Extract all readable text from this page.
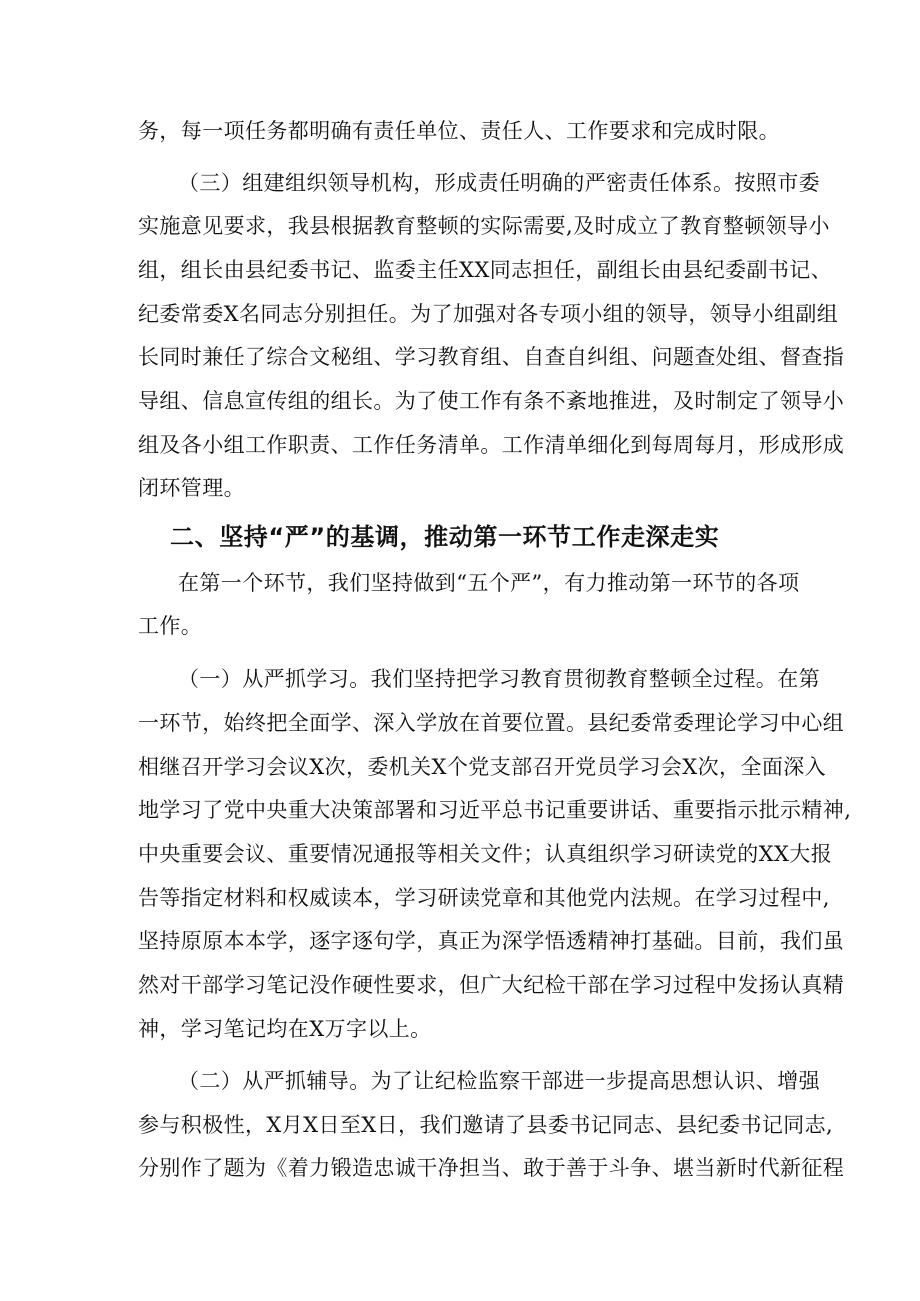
务，每一项任务都明确有责任单位、责任人、工作要求和完成时限。
（三）组建组织领导机构，形成责任明确的严密责任体系。按照市委
实施意见要求，我县根据教育整顿的实际需要,及时成立了教育整顿领导小
组，组长由县纪委书记、监委主任XX同志担任，副组长由县纪委副书记、
纪委常委X名同志分别担任。为了加强对各专项小组的领导，领导小组副组
长同时兼任了综合文秘组、学习教育组、自查自纠组、问题查处组、督查指
导组、信息宣传组的组长。为了使工作有条不紊地推进，及时制定了领导小
组及各小组工作职责、工作任务清单。工作清单细化到每周每月，形成形成
闭环管理。
二、坚持“严”的基调，推动第一环节工作走深走实
在第一个环节，我们坚持做到“五个严”，有力推动第一环节的各项
工作。
（一）从严抓学习。我们坚持把学习教育贯彻教育整顿全过程。在第
一环节，始终把全面学、深入学放在首要位置。县纪委常委理论学习中心组
相继召开学习会议X次，委机关X个党支部召开党员学习会X次，全面深入
地学习了党中央重大决策部署和习近平总书记重要讲话、重要指示批示精神,
中央重要会议、重要情况通报等相关文件；认真组织学习研读党的XX大报
告等指定材料和权威读本，学习研读党章和其他党内法规。在学习过程中,
坚持原原本本学，逐字逐句学，真正为深学悟透精神打基础。目前，我们虽
然对干部学习笔记没作硬性要求，但广大纪检干部在学习过程中发扬认真精
神，学习笔记均在X万字以上。
（二）从严抓辅导。为了让纪检监察干部进一步提高思想认识、增强
参与积极性，X月X日至X日，我们邀请了县委书记同志、县纪委书记同志,
分别作了题为《着力锻造忠诚干净担当、敢于善于斗争、堪当新时代新征程
